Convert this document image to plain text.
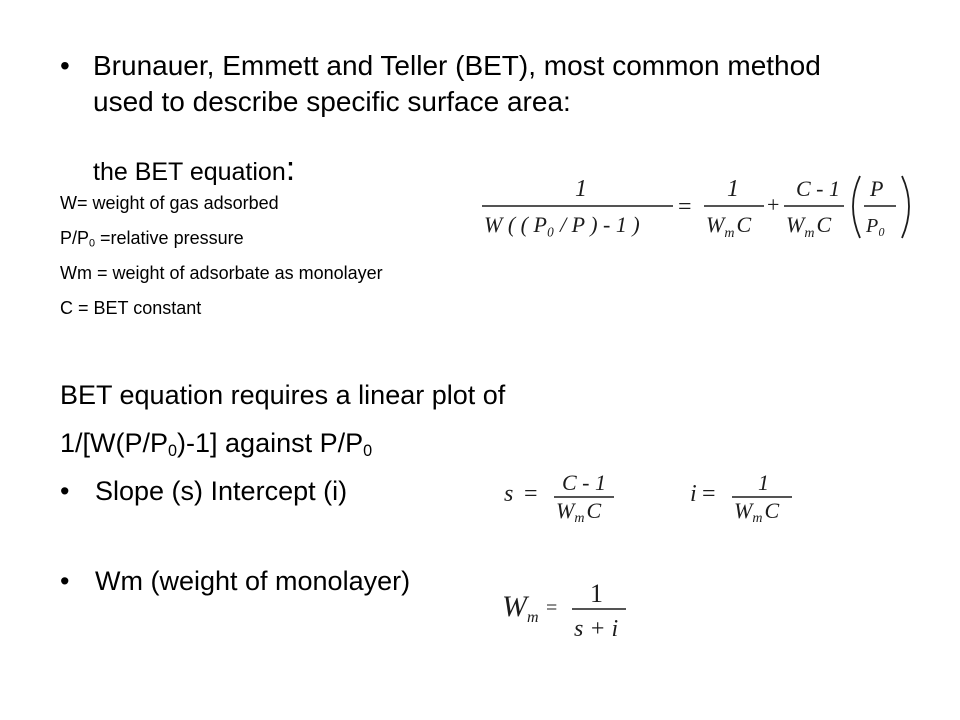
• Brunauer, Emmett and Teller (BET), most common method used to describe specific surface area:
the BET equation:
W= weight of gas adsorbed
$P/P_0$ =relative pressure
Wm = weight of adsorbate as monolayer
C = BET constant
BET equation requires a linear plot of
$1/[W(P/P_0)-1]$ against $P/P_0$
• Slope (s) Intercept (i)
• Wm (weight of monolayer)
1
W ( ( P₀ / P ) - 1 )
=
1
$W_mC$
+
C - 1
$W_mC$
P
P₀
s = C - 1
WmC
i = 1
WmC
$W_m = 1$
s + i
